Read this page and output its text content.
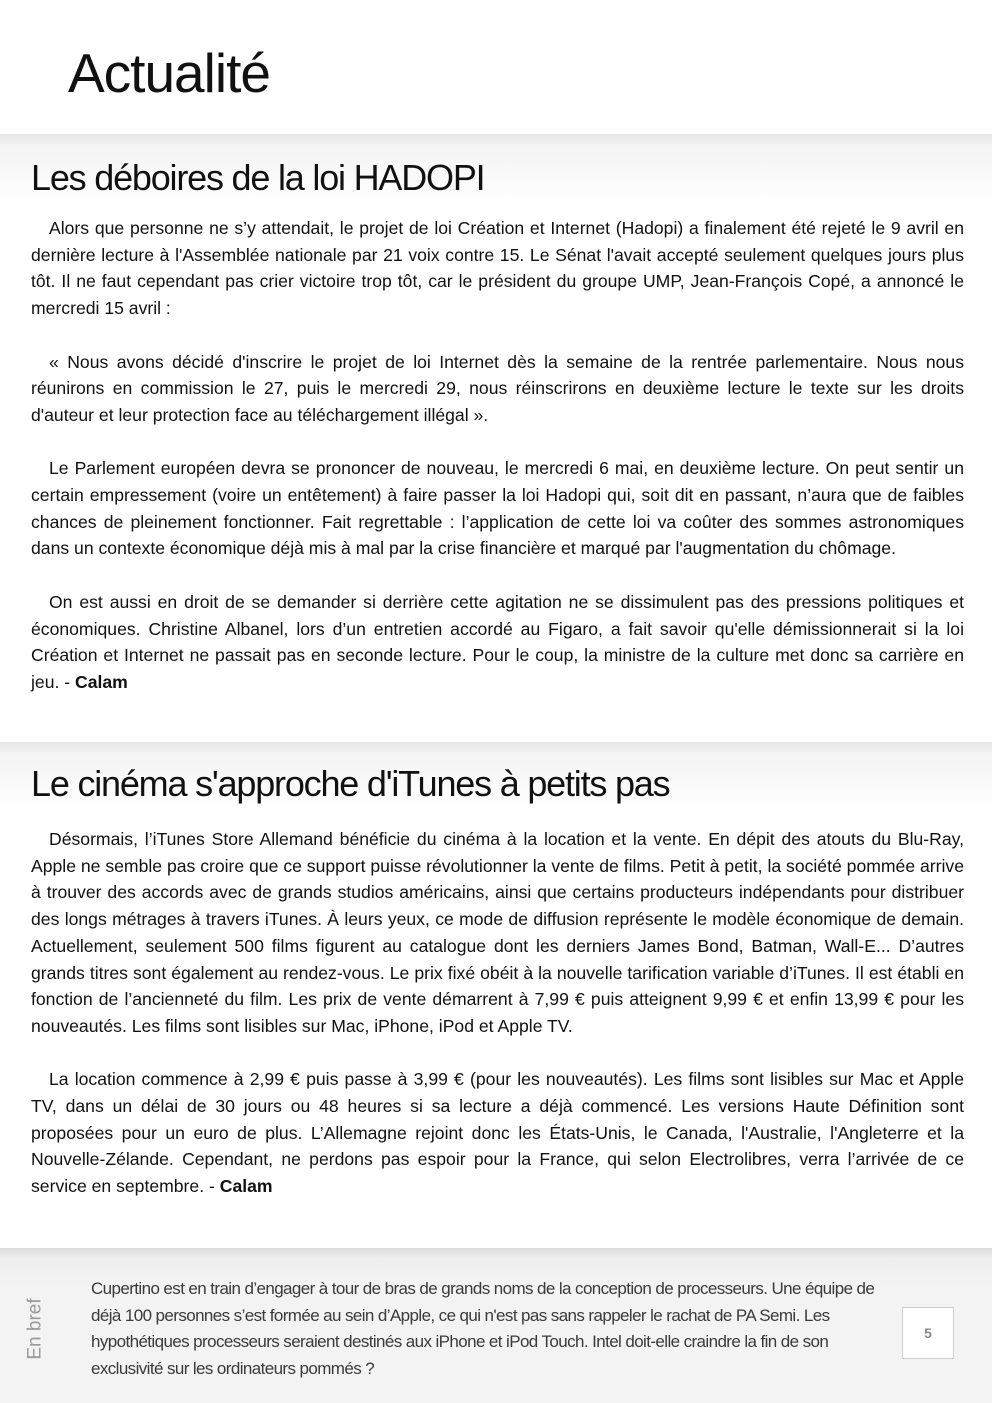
Actualité
Les déboires de la loi HADOPI

Alors que personne ne s’y attendait, le projet de loi Création et Internet (Hadopi) a finalement été rejeté le 9 avril en dernière lecture à l'Assemblée nationale par 21 voix contre 15. Le Sénat l'avait accepté seulement quelques jours plus tôt. Il ne faut cependant pas crier victoire trop tôt, car le président du groupe UMP, Jean-François Copé, a annoncé le mercredi 15 avril :

« Nous avons décidé d'inscrire le projet de loi Internet dès la semaine de la rentrée parlementaire. Nous nous réunirons en commission le 27, puis le mercredi 29, nous réinscrirons en deuxième lecture le texte sur les droits d'auteur et leur protection face au téléchargement illégal ».

Le Parlement européen devra se prononcer de nouveau, le mercredi 6 mai, en deuxième lecture. On peut sentir un certain empressement (voire un entêtement) à faire passer la loi Hadopi qui, soit dit en passant, n’aura que de faibles chances de pleinement fonctionner. Fait regrettable : l’application de cette loi va coûter des sommes astronomiques dans un contexte économique déjà mis à mal par la crise financière et marqué par l'augmentation du chômage.

On est aussi en droit de se demander si derrière cette agitation ne se dissimulent pas des pressions politiques et économiques. Christine Albanel, lors d’un entretien accordé au Figaro, a fait savoir qu'elle démissionnerait si la loi Création et Internet ne passait pas en seconde lecture. Pour le coup, la ministre de la culture met donc sa carrière en jeu. - Calam

Le cinéma s'approche d'iTunes à petits pas

Désormais, l’iTunes Store Allemand bénéficie du cinéma à la location et la vente. En dépit des atouts du Blu-Ray, Apple ne semble pas croire que ce support puisse révolutionner la vente de films. Petit à petit, la société pommée arrive à trouver des accords avec de grands studios américains, ainsi que certains producteurs indépendants pour distribuer des longs métrages à travers iTunes. À leurs yeux, ce mode de diffusion représente le modèle économique de demain. Actuellement, seulement 500 films figurent au catalogue dont les derniers James Bond, Batman, Wall-E... D’autres grands titres sont également au rendez-vous. Le prix fixé obéit à la nouvelle tarification variable d’iTunes. Il est établi en fonction de l’ancienneté du film. Les prix de vente démarrent à 7,99 € puis atteignent 9,99 € et enfin 13,99 € pour les nouveautés. Les films sont lisibles sur Mac, iPhone, iPod et Apple TV.

La location commence à 2,99 € puis passe à 3,99 € (pour les nouveautés). Les films sont lisibles sur Mac et Apple TV, dans un délai de 30 jours ou 48 heures si sa lecture a déjà commencé. Les versions Haute Définition sont proposées pour un euro de plus. L’Allemagne rejoint donc les États-Unis, le Canada, l'Australie, l'Angleterre et la Nouvelle-Zélande. Cependant, ne perdons pas espoir pour la France, qui selon Electrolibres, verra l’arrivée de ce service en septembre. - Calam

En bref

Cupertino est en train d’engager à tour de bras de grands noms de la conception de processeurs. Une équipe de déjà 100 personnes s’est formée au sein d’Apple, ce qui n'est pas sans rappeler le rachat de PA Semi. Les hypothétiques processeurs seraient destinés aux iPhone et iPod Touch. Intel doit-elle craindre la fin de son exclusivité sur les ordinateurs pommés ?

5
